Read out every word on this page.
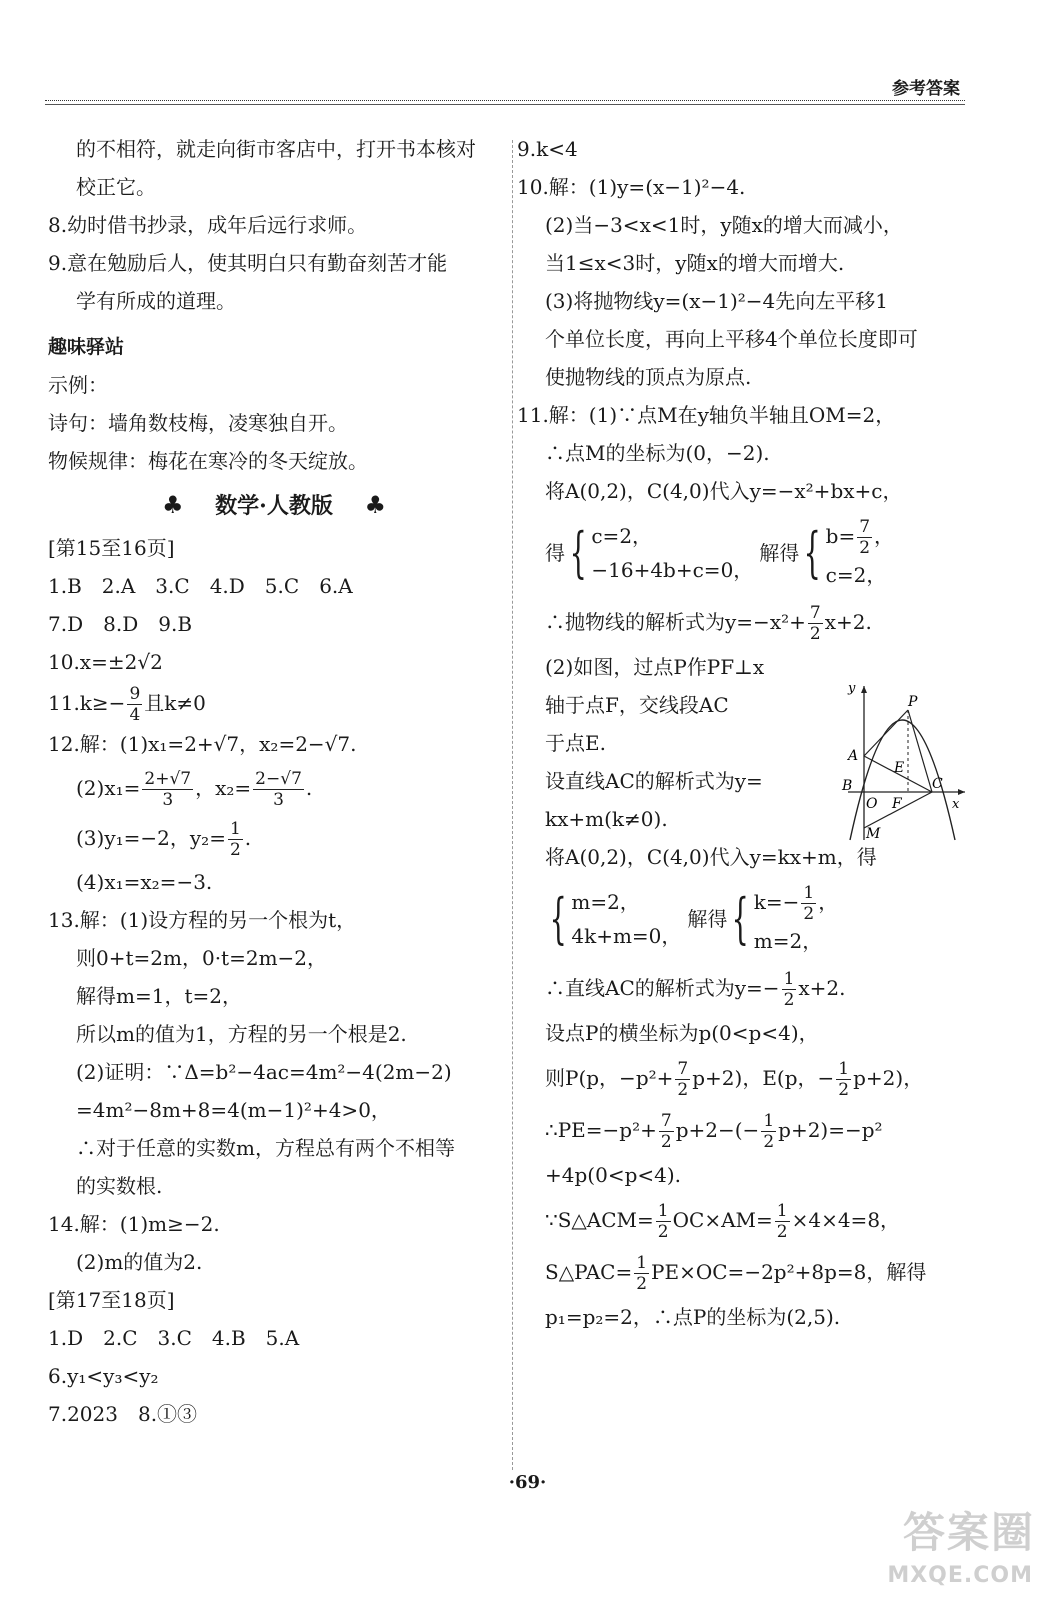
参考答案

的不相符，就走向街市客店中，打开书本核对

校正它。

8.幼时借书抄录，成年后远行求师。

9.意在勉励后人，使其明白只有勤奋刻苦才能

学有所成的道理。

趣味驿站

示例：

诗句：墙角数枝梅，凌寒独自开。

物候规律：梅花在寒冷的冬天绽放。

♣ 数学·人教版 ♣

[第15至16页]

1.B　2.A　3.C　4.D　5.C　6.A

7.D　8.D　9.B

10.x=±2√2

$11.k\ge- \frac{9}{4}$ 且k≠0

12.解：(1)x₁=2+√7，x₂=2−√7.

$(2)x_1= \frac{2+√7}{3}$ ，$x_2= \frac{2-√7}{3}$ .

(3)y₁=−2，$y_2= \frac{1}{2}$ .

(4)x₁=x₂=−3.

13.解：(1)设方程的另一个根为t，

则0+t=2m，0·t=2m−2，

解得m=1，t=2，

所以m的值为1，方程的另一个根是2.

(2)证明：∵Δ=b²−4ac=4m²−4(2m−2)

=4m²−8m+8=4(m−1)²+4>0，

∴对于任意的实数m，方程总有两个不相等

的实数根.

14.解：(1)m≥−2.

(2)m的值为2.

[第17至18页]

1.D　2.C　3.C　4.B　5.A

6.y₁<y₃<y₂

7.2023　8.①③

9.k<4

10.解：(1)y=(x−1)²−4.

(2)当−3<x<1时，y随x的增大而减小，

当1≤x<3时，y随x的增大而增大.

(3)将抛物线y=(x−1)²−4先向左平移1

个单位长度，再向上平移4个单位长度即可

使抛物线的顶点为原点.

11.解：(1)∵点M在y轴负半轴且OM=2，

∴点M的坐标为(0，−2).

将A(0,2)，C(4,0)代入y=−x²+bx+c，

得 { c=2，
−16+4b+c=0，
解得 { $b= \frac{7}{2}$ ，
c=2，

∴抛物线的解析式为$y=-x^2+ \frac{7}{2} x+2$.

(2)如图，过点P作PF⊥x

轴于点F，交线段AC

于点E.

设直线AC的解析式为y=

kx+m(k≠0).

将A(0,2)，C(4,0)代入y=kx+m，得

{ m=2，
4k+m=0，
解得 { $k=- \frac{1}{2}$ ，
m=2，

∴直线AC的解析式为$y=- \frac{1}{2} x+2$.

设点P的横坐标为p(0<p<4)，

则P(p，$-p^2+ \frac{7}{2} p+2$)，E(p，− $\frac{1}{2} p+2$)，

∴PE=−p²+ $\frac{7}{2} p+2-(- \frac{1}{2} p+2)=-p^2$

+4p(0<p<4).

∵S△ACM= $\frac{1}{2} OC\times AM= \frac{1}{2} \times 4\times 4=8$，

S△PAC= $\frac{1}{2} PE\times OC=-2p^2+8p=8$，解得

p₁=p₂=2，∴点P的坐标为(2,5).

y
x
P
A
E
B	C
O F
M
·69·
答案圈
MXQE.COM
